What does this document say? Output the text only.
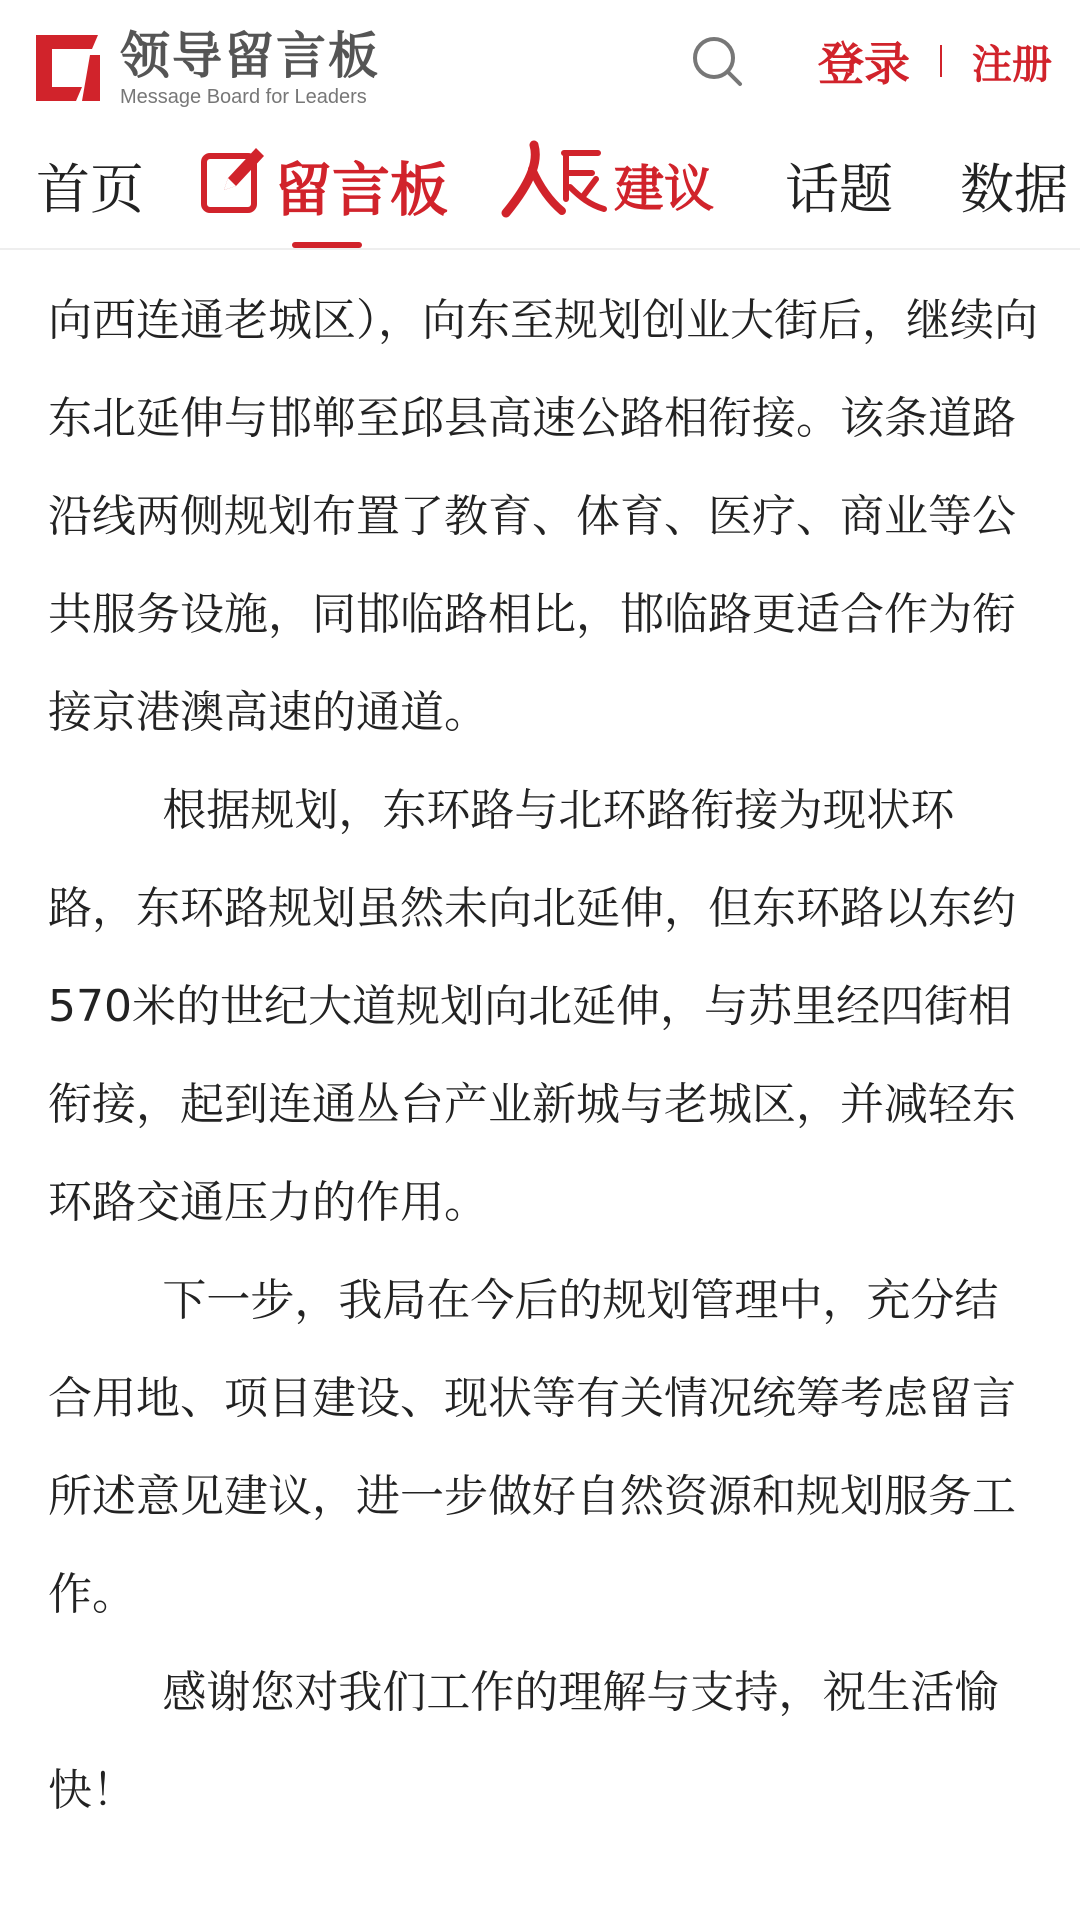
领导留言板
Message Board for Leaders
登录 注册
首页 留言板	建议 话题 数据

向西连通老城区），向东至规划创业大街后，继续向东北延伸与邯郸至邱县高速公路相衔接。该条道路沿线两侧规划布置了教育、体育、医疗、商业等公共服务设施，同邯临路相比，邯临路更适合作为衔接京港澳高速的通道。

根据规划，东环路与北环路衔接为现状环路，东环路规划虽然未向北延伸，但东环路以东约570米的世纪大道规划向北延伸，与苏里经四街相衔接，起到连通丛台产业新城与老城区，并减轻东环路交通压力的作用。

下一步，我局在今后的规划管理中，充分结合用地、项目建设、现状等有关情况统筹考虑留言所述意见建议，进一步做好自然资源和规划服务工作。

感谢您对我们工作的理解与支持，祝生活愉快！
